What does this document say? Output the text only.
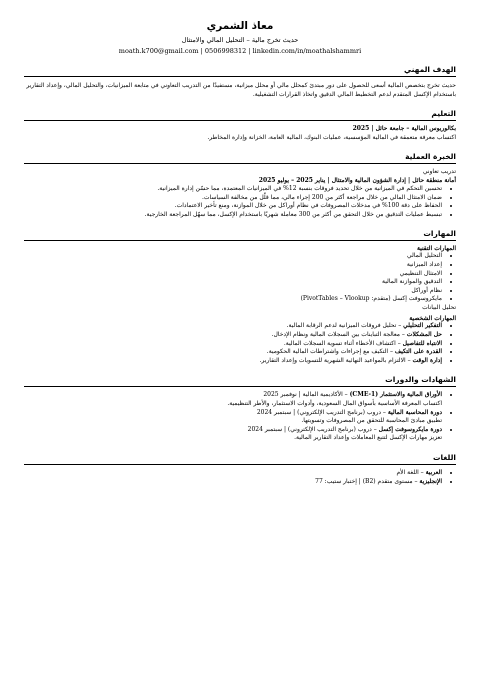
معاذ الشمري
حديث تخرج مالية – التحليل المالي والامتثال
moath.k700@gmail.com | 0506998312 | linkedin.com/in/moathalshammri
الهدف المهني

حديث تخرج بتخصص المالية أسعى للحصول على دور مبتدئ كمحلل مالي أو محلل ميزانية، مستفيدًا من التدريب التعاوني في متابعة الميزانيات، والتحليل المالي، وإعداد التقارير باستخدام الإكسل المتقدم لدعم التخطيط المالي الدقيق واتخاذ القرارات التشغيلية.

التعليم
بكالوريوس المالية – جامعة حائل | 2025
اكتساب معرفة متعمقة في المالية المؤسسية، عمليات البنوك، المالية العامة، الخزانة وإدارة المخاطر.
الخبرة العملية
تدريب تعاوني
أمانة منطقة حائل | إدارة الشؤون المالية والامتثال | يناير 2025 – يوليو 2025
• تحسين التحكم في الميزانية من خلال تحديد فروقات بنسبة 12% في الميزانيات المعتمدة، مما حسّن إدارة الميزانية.
• ضمان الامتثال المالي من خلال مراجعة أكثر من 200 إجراء مالي، مما قلّل من مخالفة السياسات.
• الحفاظ على دقة 100% في مدخلات المصروفات في نظام أوراكل من خلال الموازنة، ومنع تأخير الاعتمادات.
• تبسيط عمليات التدقيق من خلال التحقق من أكثر من 300 معاملة شهريًا باستخدام الإكسل، مما سهّل المراجعة الخارجية.
المهارات
المهارات التقنية
• التحليل المالي
• إعداد الميزانية
• الامتثال التنظيمي
• التدقيق والموازنة المالية
• نظام أوراكل
• مايكروسوفت إكسل (متقدم: PivotTables – Vlookup)
تحليل البيانات
المهارات الشخصية
• التفكير التحليلي – تحليل فروقات الميزانية لدعم الرقابة المالية.
• حل المشكلات – معالجة التباينات بين السجلات المالية ونظام الإدخال.
• الانتباه للتفاصيل – اكتشاف الأخطاء أثناء تسوية السجلات المالية.
• القدرة على التكيف – التكيف مع إجراءات واشتراطات المالية الحكومية.
• إدارة الوقت – الالتزام بالمواعيد النهائية الشهرية للتسويات وإعداد التقارير.
الشهادات والدورات
• الأوراق المالية والاستثمار (CME-1) – الأكاديمية المالية | نوفمبر 2025
اكتساب المعرفة الأساسية بأسواق المال السعودية، وأدوات الاستثمار، والأطر التنظيمية.
• دورة المحاسبة المالية – دروب (برنامج التدريب الإلكتروني) | سبتمبر 2024
تطبيق مبادئ المحاسبة للتحقق من المصروفات وتسويتها.
• دورة مايكروسوفت إكسل – دروب (برنامج التدريب الإلكتروني) | سبتمبر 2024
تعزيز مهارات الإكسل لتتبع المعاملات وإعداد التقارير المالية.
اللغات
• العربية – اللغة الأم
• الإنجليزية – مستوى متقدم (B2) | إختبار ستيب: 77
